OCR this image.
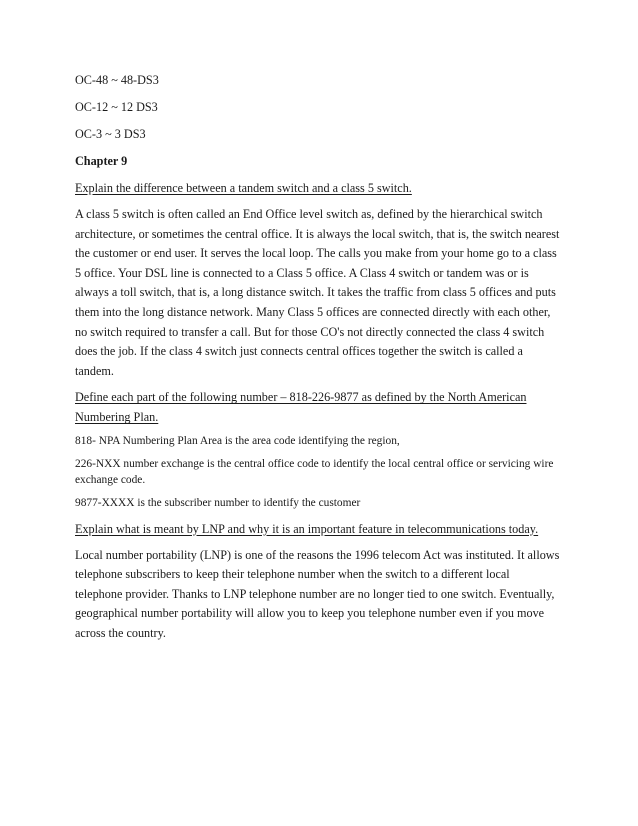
OC-48 ~ 48-DS3

OC-12 ~ 12 DS3

OC-3 ~ 3 DS3

Chapter 9

Explain the difference between a tandem switch and a class 5 switch.

A class 5 switch is often called an End Office level switch as, defined by the hierarchical switch architecture, or sometimes the central office. It is always the local switch, that is, the switch nearest the customer or end user. It serves the local loop. The calls you make from your home go to a class 5 office. Your DSL line is connected to a Class 5 office. A Class 4 switch or tandem was or is always a toll switch, that is, a long distance switch. It takes the traffic from class 5 offices and puts them into the long distance network. Many Class 5 offices are connected directly with each other, no switch required to transfer a call. But for those CO's not directly connected the class 4 switch does the job. If the class 4 switch just connects central offices together the switch is called a tandem.

Define each part of the following number – 818-226-9877 as defined by the North American Numbering Plan.

818- NPA Numbering Plan Area is the area code identifying the region,

226-NXX number exchange is the central office code to identify the local central office or servicing wire exchange code.

9877-XXXX is the subscriber number to identify the customer

Explain what is meant by LNP and why it is an important feature in telecommunications today.

Local number portability (LNP) is one of the reasons the 1996 telecom Act was instituted. It allows telephone subscribers to keep their telephone number when the switch to a different local telephone provider. Thanks to LNP telephone number are no longer tied to one switch. Eventually, geographical number portability will allow you to keep you telephone number even if you move across the country.
